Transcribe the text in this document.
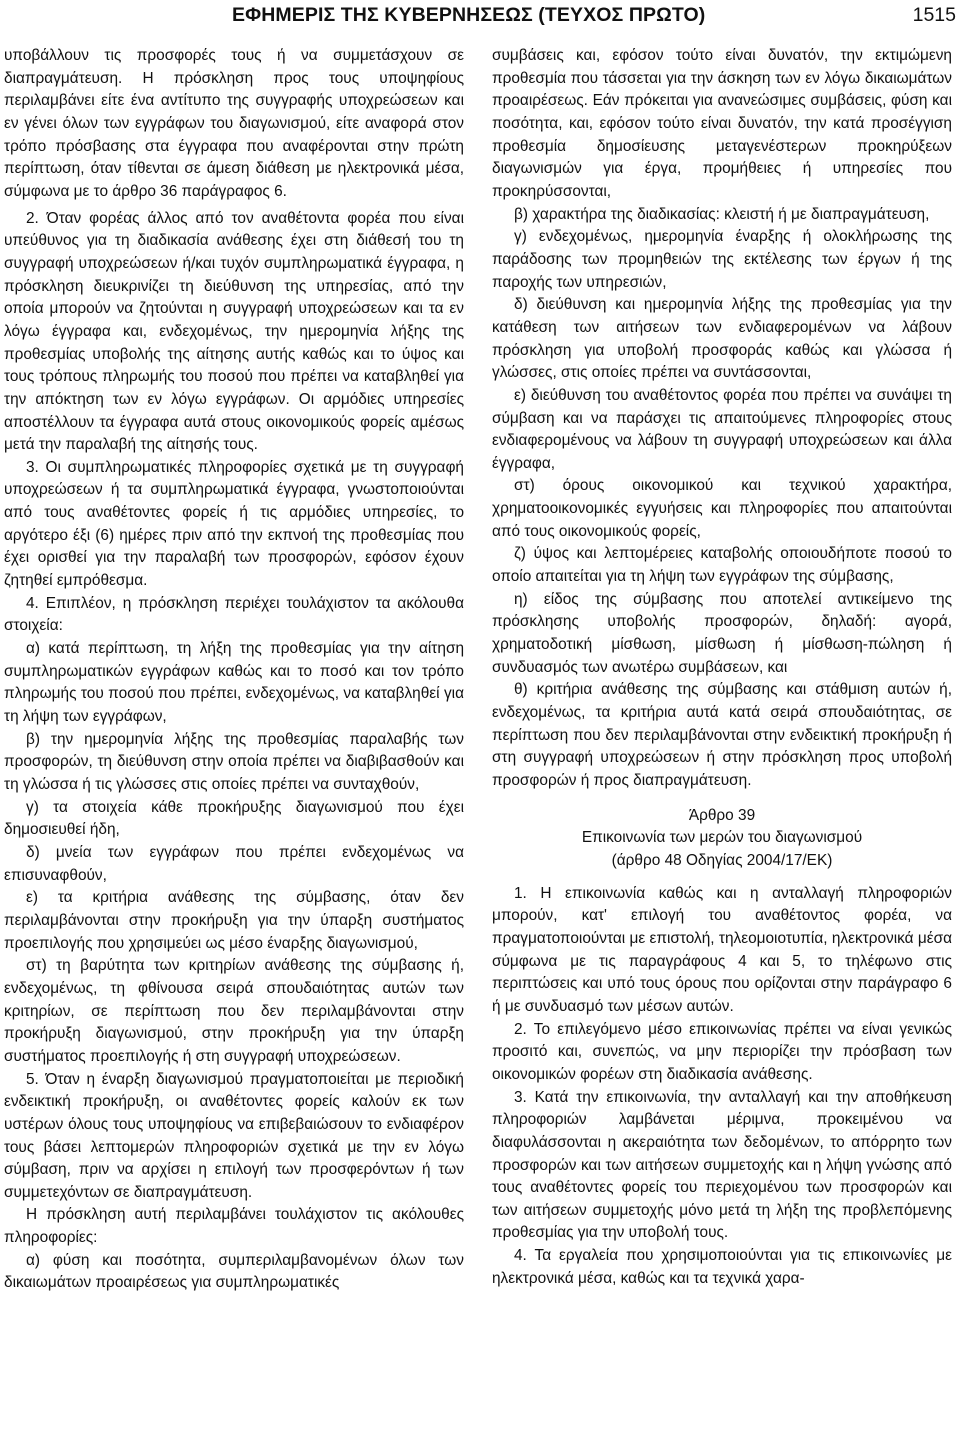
ΕΦΗΜΕΡΙΣ ΤΗΣ ΚΥΒΕΡΝΗΣΕΩΣ (ΤΕΥΧΟΣ ΠΡΩΤΟ)	1515

υποβάλλουν τις προσφορές τους ή να συμμετάσχουν σε διαπραγμάτευση. Η πρόσκληση προς τους υποψηφίους περιλαμβάνει είτε ένα αντίτυπο της συγγραφής υποχρεώσεων και εν γένει όλων των εγγράφων του διαγωνισμού, είτε αναφορά στον τρόπο πρόσβασης στα έγγραφα που αναφέρονται στην πρώτη περίπτωση, όταν τίθενται σε άμεση διάθεση με ηλεκτρονικά μέσα, σύμφωνα με το άρθρο 36 παράγραφος 6.

2. Όταν φορέας άλλος από τον αναθέτοντα φορέα που είναι υπεύθυνος για τη διαδικασία ανάθεσης έχει στη διάθεσή του τη συγγραφή υποχρεώσεων ή/και τυχόν συμπληρωματικά έγγραφα, η πρόσκληση διευκρινίζει τη διεύθυνση της υπηρεσίας, από την οποία μπορούν να ζητούνται η συγγραφή υποχρεώσεων και τα εν λόγω έγγραφα και, ενδεχομένως, την ημερομηνία λήξης της προθεσμίας υποβολής της αίτησης αυτής καθώς και το ύψος και τους τρόπους πληρωμής του ποσού που πρέπει να καταβληθεί για την απόκτηση των εν λόγω εγγράφων. Οι αρμόδιες υπηρεσίες αποστέλλουν τα έγγραφα αυτά στους οικονομικούς φορείς αμέσως μετά την παραλαβή της αίτησής τους.

3. Οι συμπληρωματικές πληροφορίες σχετικά με τη συγγραφή υποχρεώσεων ή τα συμπληρωματικά έγγραφα, γνωστοποιούνται από τους αναθέτοντες φορείς ή τις αρμόδιες υπηρεσίες, το αργότερο έξι (6) ημέρες πριν από την εκπνοή της προθεσμίας που έχει ορισθεί για την παραλαβή των προσφορών, εφόσον έχουν ζητηθεί εμπρόθεσμα.

4. Επιπλέον, η πρόσκληση περιέχει τουλάχιστον τα ακόλουθα στοιχεία:

α) κατά περίπτωση, τη λήξη της προθεσμίας για την αίτηση συμπληρωματικών εγγράφων καθώς και το ποσό και τον τρόπο πληρωμής του ποσού που πρέπει, ενδεχομένως, να καταβληθεί για τη λήψη των εγγράφων,

β) την ημερομηνία λήξης της προθεσμίας παραλαβής των προσφορών, τη διεύθυνση στην οποία πρέπει να διαβιβασθούν και τη γλώσσα ή τις γλώσσες στις οποίες πρέπει να συνταχθούν,

γ) τα στοιχεία κάθε προκήρυξης διαγωνισμού που έχει δημοσιευθεί ήδη,

δ) μνεία των εγγράφων που πρέπει ενδεχομένως να επισυναφθούν,

ε) τα κριτήρια ανάθεσης της σύμβασης, όταν δεν περιλαμβάνονται στην προκήρυξη για την ύπαρξη συστήματος προεπιλογής που χρησιμεύει ως μέσο έναρξης διαγωνισμού,

στ) τη βαρύτητα των κριτηρίων ανάθεσης της σύμβασης ή, ενδεχομένως, τη φθίνουσα σειρά σπουδαιότητας αυτών των κριτηρίων, σε περίπτωση που δεν περιλαμβάνονται στην προκήρυξη διαγωνισμού, στην προκήρυξη για την ύπαρξη συστήματος προεπιλογής ή στη συγγραφή υποχρεώσεων.

5. Όταν η έναρξη διαγωνισμού πραγματοποιείται με περιοδική ενδεικτική προκήρυξη, οι αναθέτοντες φορείς καλούν εκ των υστέρων όλους τους υποψηφίους να επιβεβαιώσουν το ενδιαφέρον τους βάσει λεπτομερών πληροφοριών σχετικά με την εν λόγω σύμβαση, πριν να αρχίσει η επιλογή των προσφερόντων ή των συμμετεχόντων σε διαπραγμάτευση.

Η πρόσκληση αυτή περιλαμβάνει τουλάχιστον τις ακόλουθες πληροφορίες:

α) φύση και ποσότητα, συμπεριλαμβανομένων όλων των δικαιωμάτων προαιρέσεως για συμπληρωματικές

συμβάσεις και, εφόσον τούτο είναι δυνατόν, την εκτιμώμενη προθεσμία που τάσσεται για την άσκηση των εν λόγω δικαιωμάτων προαιρέσεως. Εάν πρόκειται για ανανεώσιμες συμβάσεις, φύση και ποσότητα, και, εφόσον τούτο είναι δυνατόν, την κατά προσέγγιση προθεσμία δημοσίευσης μεταγενέστερων προκηρύξεων διαγωνισμών για έργα, προμήθειες ή υπηρεσίες που προκηρύσσονται,

β) χαρακτήρα της διαδικασίας: κλειστή ή με διαπραγμάτευση,

γ) ενδεχομένως, ημερομηνία έναρξης ή ολοκλήρωσης της παράδοσης των προμηθειών της εκτέλεσης των έργων ή της παροχής των υπηρεσιών,

δ) διεύθυνση και ημερομηνία λήξης της προθεσμίας για την κατάθεση των αιτήσεων των ενδιαφερομένων να λάβουν πρόσκληση για υποβολή προσφοράς καθώς και γλώσσα ή γλώσσες, στις οποίες πρέπει να συντάσσονται,

ε) διεύθυνση του αναθέτοντος φορέα που πρέπει να συνάψει τη σύμβαση και να παράσχει τις απαιτούμενες πληροφορίες στους ενδιαφερομένους να λάβουν τη συγγραφή υποχρεώσεων και άλλα έγγραφα,

στ) όρους οικονομικού και τεχνικού χαρακτήρα, χρηματοοικονομικές εγγυήσεις και πληροφορίες που απαιτούνται από τους οικονομικούς φορείς,

ζ) ύψος και λεπτομέρειες καταβολής οποιουδήποτε ποσού το οποίο απαιτείται για τη λήψη των εγγράφων της σύμβασης,

η) είδος της σύμβασης που αποτελεί αντικείμενο της πρόσκλησης υποβολής προσφορών, δηλαδή: αγορά, χρηματοδοτική μίσθωση, μίσθωση ή μίσθωση-πώληση ή συνδυασμός των ανωτέρω συμβάσεων, και

θ) κριτήρια ανάθεσης της σύμβασης και στάθμιση αυτών ή, ενδεχομένως, τα κριτήρια αυτά κατά σειρά σπουδαιότητας, σε περίπτωση που δεν περιλαμβάνονται στην ενδεικτική προκήρυξη ή στη συγγραφή υποχρεώσεων ή στην πρόσκληση προς υποβολή προσφορών ή προς διαπραγμάτευση.

Άρθρο 39

Επικοινωνία των μερών του διαγωνισμού

(άρθρο 48 Οδηγίας 2004/17/ΕΚ)

1. Η επικοινωνία καθώς και η ανταλλαγή πληροφοριών μπορούν, κατ' επιλογή του αναθέτοντος φορέα, να πραγματοποιούνται με επιστολή, τηλεομοιοτυπία, ηλεκτρονικά μέσα σύμφωνα με τις παραγράφους 4 και 5, το τηλέφωνο στις περιπτώσεις και υπό τους όρους που ορίζονται στην παράγραφο 6 ή με συνδυασμό των μέσων αυτών.

2. Το επιλεγόμενο μέσο επικοινωνίας πρέπει να είναι γενικώς προσιτό και, συνεπώς, να μην περιορίζει την πρόσβαση των οικονομικών φορέων στη διαδικασία ανάθεσης.

3. Κατά την επικοινωνία, την ανταλλαγή και την αποθήκευση πληροφοριών λαμβάνεται μέριμνα, προκειμένου να διαφυλάσσονται η ακεραιότητα των δεδομένων, το απόρρητο των προσφορών και των αιτήσεων συμμετοχής και η λήψη γνώσης από τους αναθέτοντες φορείς του περιεχομένου των προσφορών και των αιτήσεων συμμετοχής μόνο μετά τη λήξη της προβλεπόμενης προθεσμίας για την υποβολή τους.

4. Τα εργαλεία που χρησιμοποιούνται για τις επικοινωνίες με ηλεκτρονικά μέσα, καθώς και τα τεχνικά χαρα-
